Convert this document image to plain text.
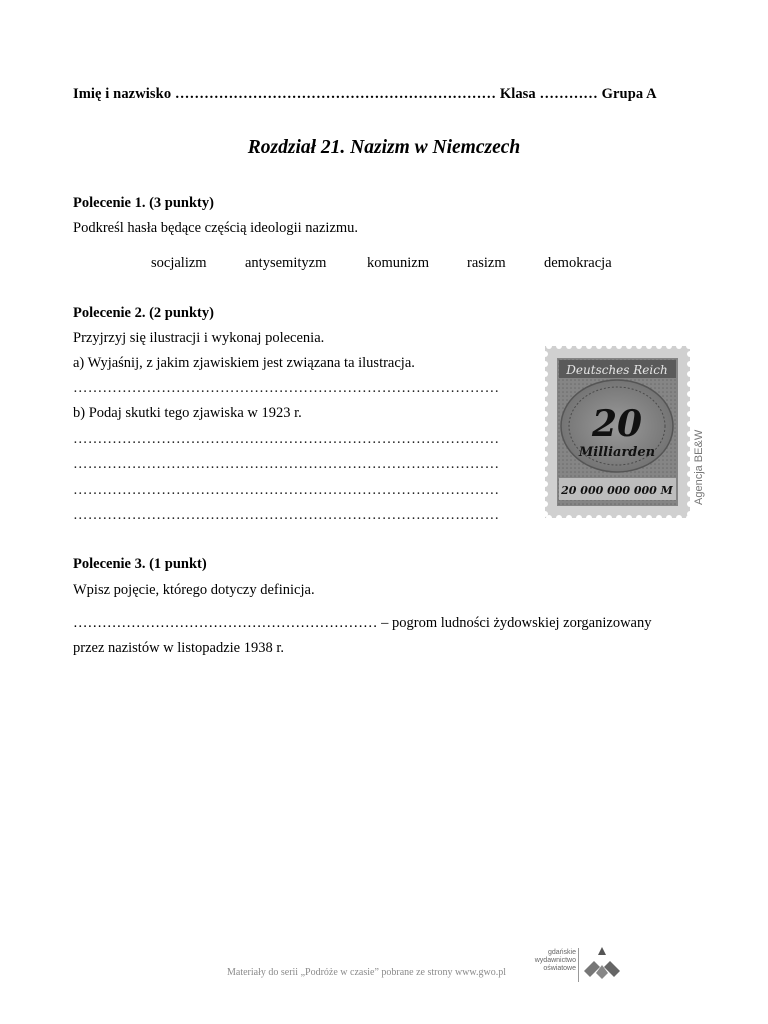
Imię i nazwisko ………………………………………………………… Klasa ………… Grupa A
Rozdział 21. Nazizm w Niemczech
Polecenie 1. (3 punkty)
Podkreśl hasła będące częścią ideologii nazizmu.
socjalizm	antysemityzm	komunizm	rasizm	demokracja
Polecenie 2. (2 punkty)
Przyjrzyj się ilustracji i wykonaj polecenia.
a) Wyjaśnij, z jakim zjawiskiem jest związana ta ilustracja.
……………………………………………………………………………
b) Podaj skutki tego zjawiska w 1923 r.
……………………………………………………………………………
……………………………………………………………………………
……………………………………………………………………………
……………………………………………………………………………
Deutsches Reich
20
Milliarden
20 000 000 000 M Agencja BE&W
Polecenie 3. (1 punkt)
Wpisz pojęcie, którego dotyczy definicja.
……………………………………………………… – pogrom ludności żydowskiej zorganizowany
przez nazistów w listopadzie 1938 r.
Materiały do serii „Podróże w czasie” pobrane ze strony www.gwo.pl
gdańskie wydawnictwo oświatowe
